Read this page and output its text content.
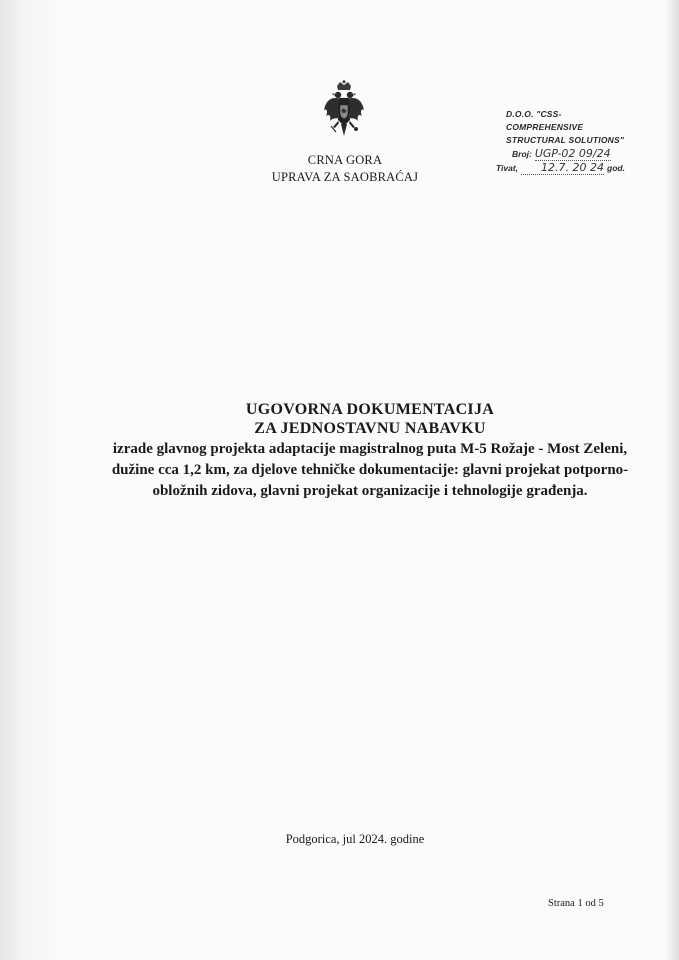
CRNA GORA
UPRAVA ZA SAOBRAĆAJ
D.O.O. "CSS-COMPREHENSIVE
STRUCTURAL SOLUTIONS"
Broj: UGP-02 09/24
Tivat,	12.7. 20 24 god.
UGOVORNA DOKUMENTACIJA
ZA JEDNOSTAVNU NABAVKU
izrade glavnog projekta adaptacije magistralnog puta M-5 Rožaje - Most Zeleni, dužine cca 1,2 km, za djelove tehničke dokumentacije: glavni projekat potporno-obložnih zidova, glavni projekat organizacije i tehnologije građenja.
Podgorica, jul 2024. godine
Strana 1 od 5
